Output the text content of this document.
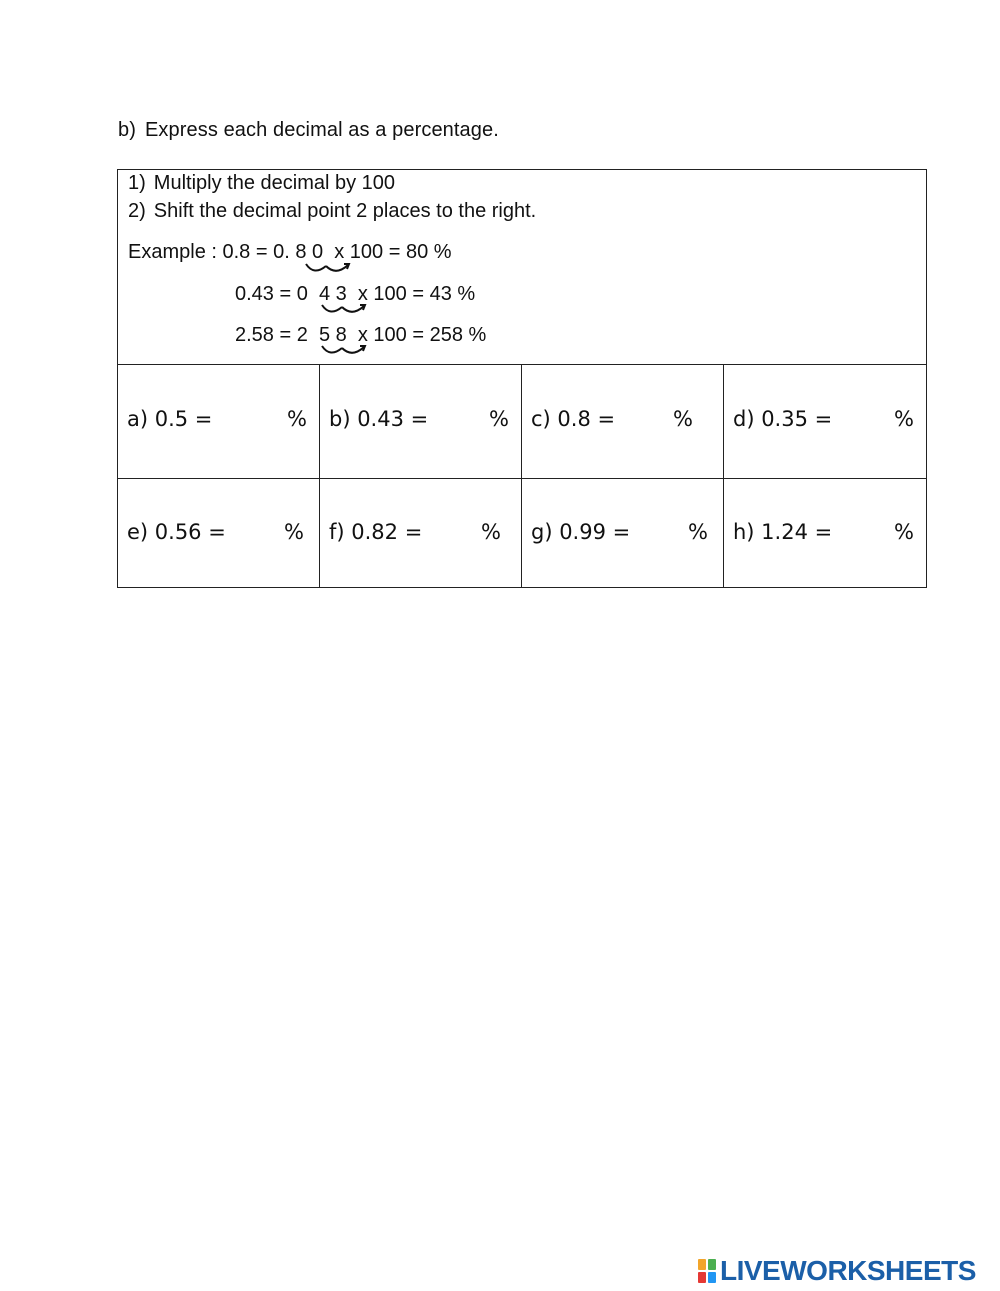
b) Express each decimal as a percentage.
1) Multiply the decimal by 100
2) Shift the decimal point 2 places to the right.
Example : 0.8 = 0. 8 0  x 100 = 80 %
0.43 = 0  4 3  x 100 = 43 %
2.58 = 2  5 8  x 100 = 258 %
a) 0.5 =	% b) 0.43 =	% c) 0.8 =	% d) 0.35 =	%
e) 0.56 =	% f) 0.82 =	% g) 0.99 =	% h) 1.24 =	%
LIVEWORKSHEETS
